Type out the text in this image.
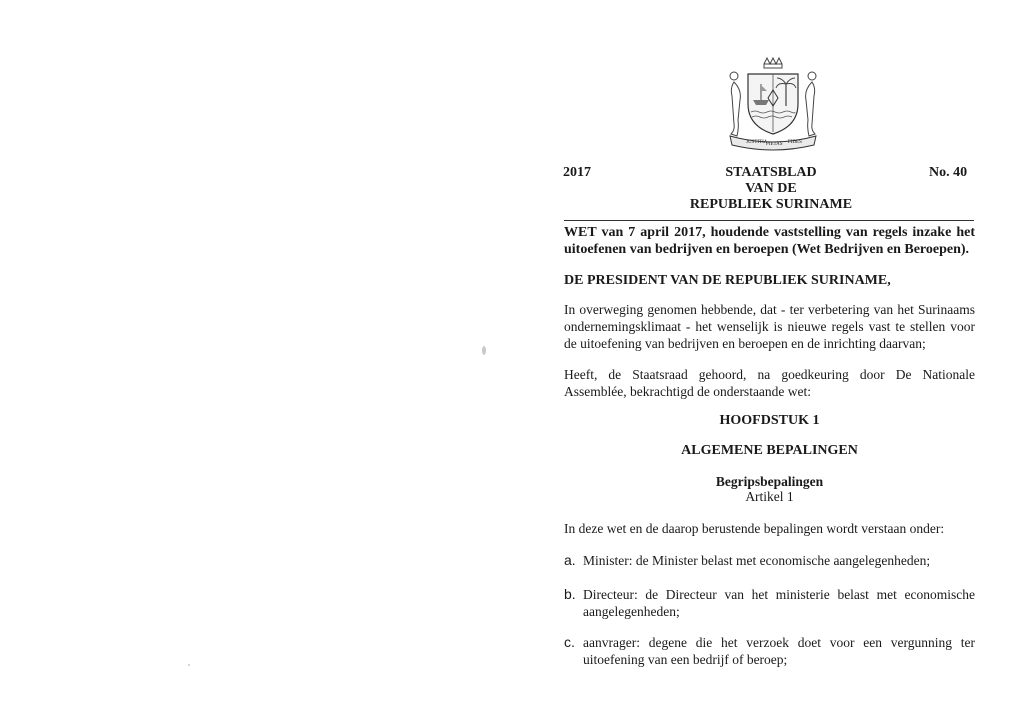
JUSTITIA
PIETAS FIDES
2017	STAATSBLAD
VAN DE
REPUBLIEK SURINAME
No. 40
WET van 7 april 2017, houdende vaststelling van regels inzake het uitoefenen van bedrijven en beroepen (Wet Bedrijven en Beroepen).
DE PRESIDENT VAN DE REPUBLIEK SURINAME,
In overweging genomen hebbende, dat - ter verbetering van het Surinaams ondernemingsklimaat - het wenselijk is nieuwe regels vast te stellen voor de uitoefening van bedrijven en beroepen en de inrichting daarvan;
Heeft, de Staatsraad gehoord, na goedkeuring door De Nationale Assemblée, bekrachtigd de onderstaande wet:
HOOFDSTUK 1
ALGEMENE BEPALINGEN
Begripsbepalingen
Artikel 1
In deze wet en de daarop berustende bepalingen wordt verstaan onder:
a. Minister: de Minister belast met economische aangelegenheden;
b. Directeur: de Directeur van het ministerie belast met economische aangelegenheden;
c. aanvrager: degene die het verzoek doet voor een vergunning ter uitoefening van een bedrijf of beroep;
